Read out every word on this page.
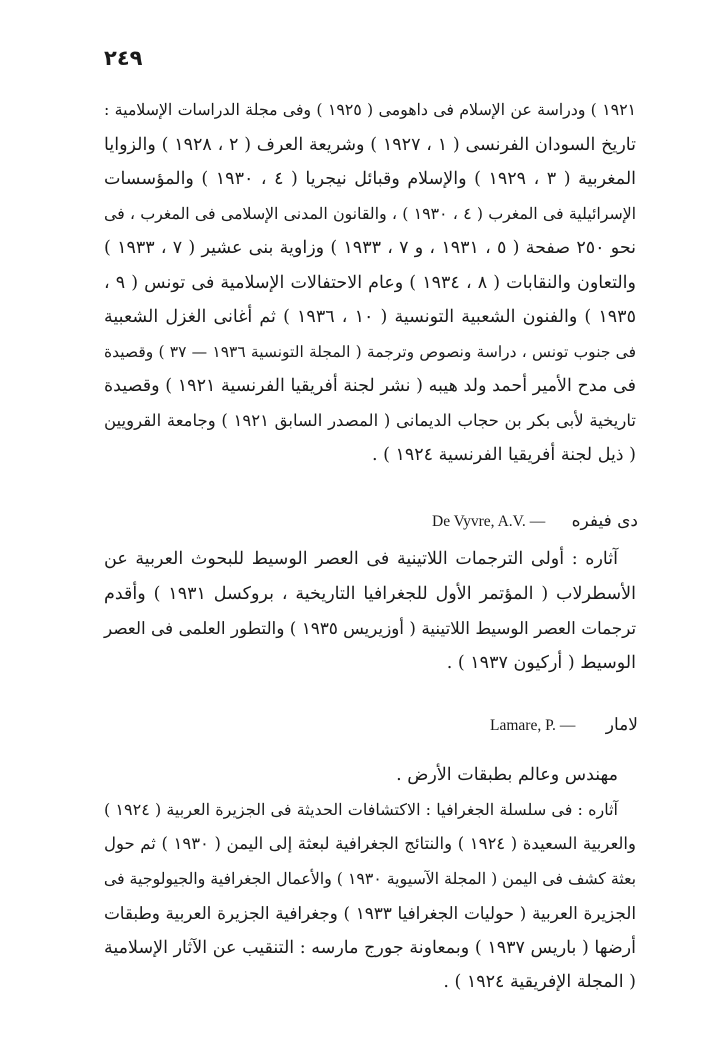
٢٤٩
١٩٢١ ) ودراسة عن الإسلام فى داهومى ( ١٩٢٥ ) وفى مجلة الدراسات الإسلامية :
تاريخ السودان الفرنسى ( ١ ، ١٩٢٧ ) وشريعة العرف ( ٢ ، ١٩٢٨ ) والزوايا
المغربية ( ٣ ، ١٩٢٩ ) والإسلام وقبائل نيجريا ( ٤ ، ١٩٣٠ ) والمؤسسات
الإسرائيلية فى المغرب ( ٤ ، ١٩٣٠ ) ، والقانون المدنى الإسلامى فى المغرب ، فى
نحو ٢٥٠ صفحة ( ٥ ، ١٩٣١ ، و ٧ ، ١٩٣٣ ) وزاوية بنى عشير ( ٧ ، ١٩٣٣ )
والتعاون والنقابات ( ٨ ، ١٩٣٤ ) وعام الاحتفالات الإسلامية فى تونس ( ٩ ،
١٩٣٥ ) والفنون الشعبية التونسية ( ١٠ ، ١٩٣٦ ) ثم أغانى الغزل الشعبية
فى جنوب تونس ، دراسة ونصوص وترجمة ( المجلة التونسية ١٩٣٦ — ٣٧ ) وقصيدة
فى مدح الأمير أحمد ولد هيبه ( نشر لجنة أفريقيا الفرنسية ١٩٢١ ) وقصيدة
تاريخية لأبى بكر بن حجاب الديمانى ( المصدر السابق ١٩٢١ ) وجامعة القرويين
( ذيل لجنة أفريقيا الفرنسية ١٩٢٤ ) .
دى فيفره
De Vyvre, A.V. —
آثاره : أولى الترجمات اللاتينية فى العصر الوسيط للبحوث العربية عن
الأسطرلاب ( المؤتمر الأول للجغرافيا التاريخية ، بروكسل ١٩٣١ ) وأقدم
ترجمات العصر الوسيط اللاتينية ( أوزيريس ١٩٣٥ ) والتطور العلمى فى العصر
الوسيط ( أركيون ١٩٣٧ ) .
لامار
Lamare, P. —
مهندس وعالم بطبقات الأرض .
آثاره : فى سلسلة الجغرافيا : الاكتشافات الحديثة فى الجزيرة العربية ( ١٩٢٤ )
والعربية السعيدة ( ١٩٢٤ ) والنتائج الجغرافية لبعثة إلى اليمن ( ١٩٣٠ ) ثم حول
بعثة كشف فى اليمن ( المجلة الآسيوية ١٩٣٠ ) والأعمال الجغرافية والجيولوجية فى
الجزيرة العربية ( حوليات الجغرافيا ١٩٣٣ ) وجغرافية الجزيرة العربية وطبقات
أرضها ( باريس ١٩٣٧ ) وبمعاونة جورج مارسه : التنقيب عن الآثار الإسلامية
( المجلة الإفريقية ١٩٢٤ ) .
